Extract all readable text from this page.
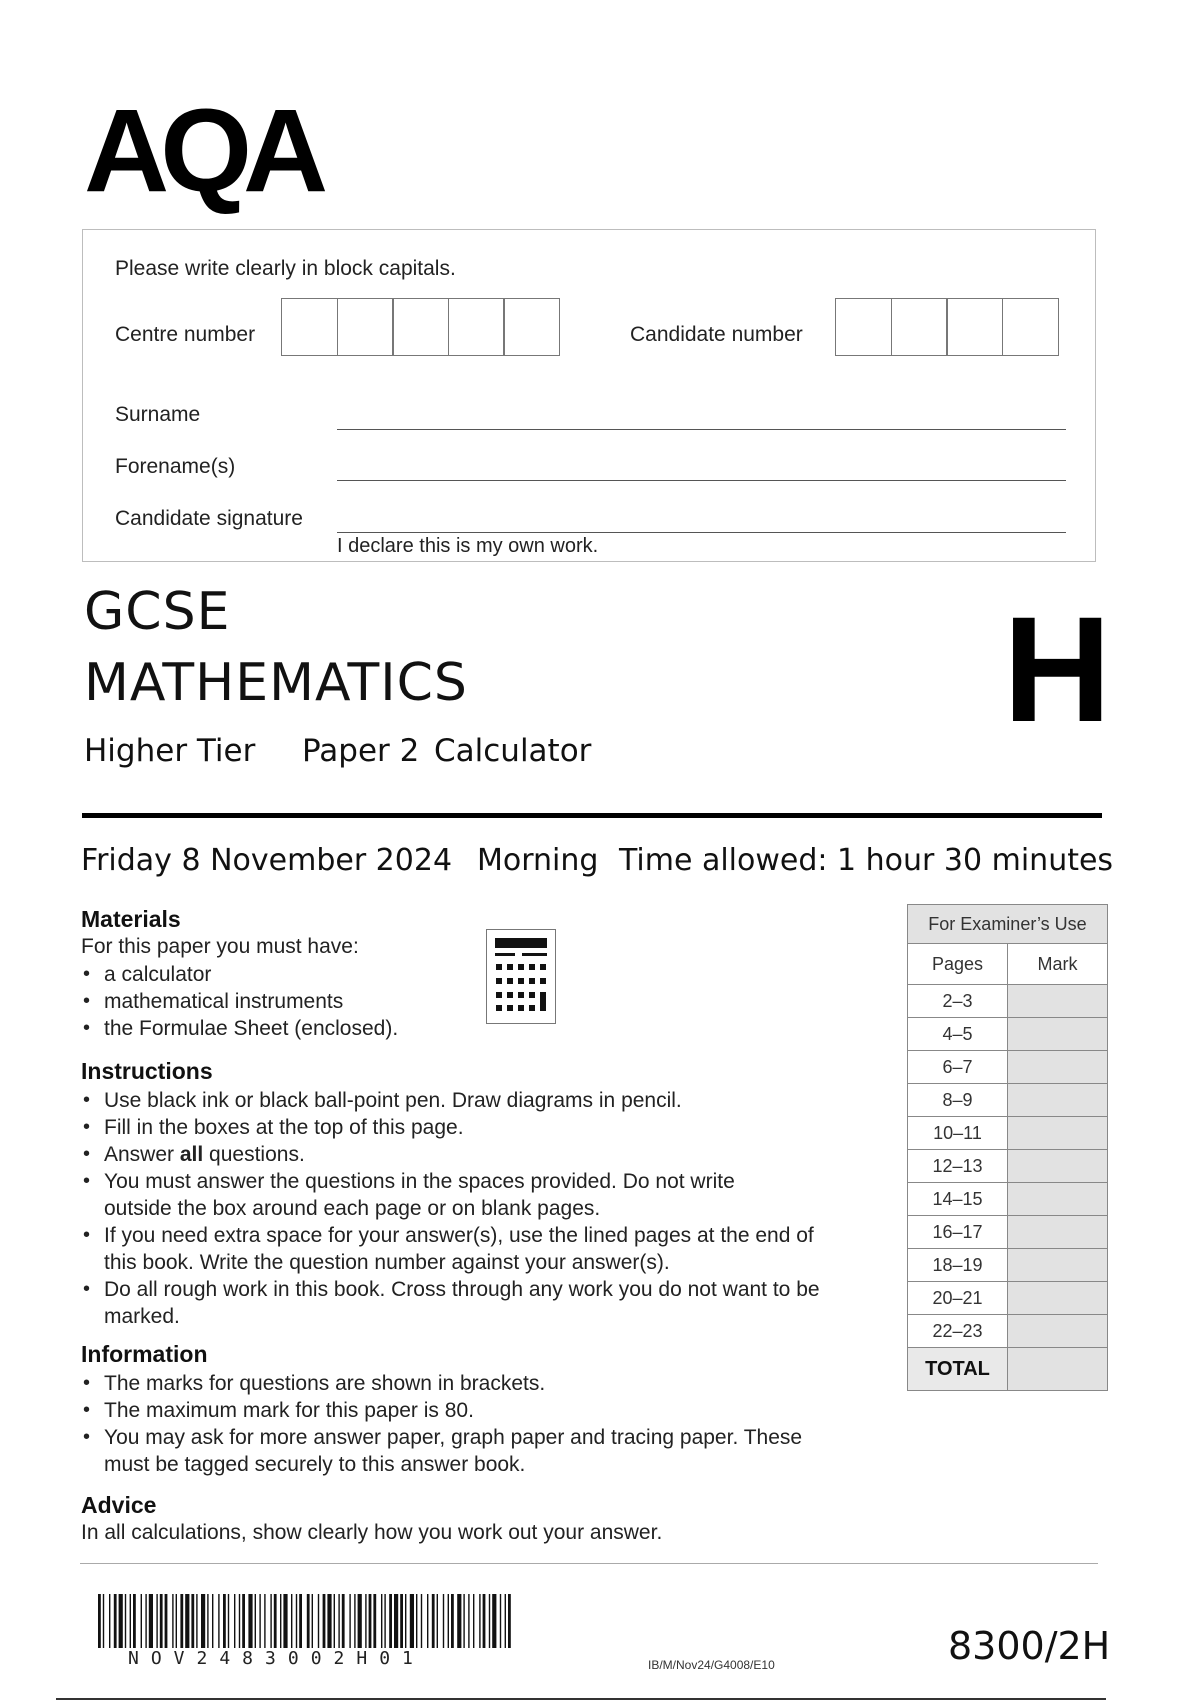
AQA
Please write clearly in block capitals.
Centre number	Candidate number
Surname
Forename(s)
Candidate signature
I declare this is my own work.
GCSE
MATHEMATICS	H
Higher Tier Paper 2 Calculator
Friday 8 November 2024 Morning Time allowed: 1 hour 30 minutes
Materials
For this paper you must have:
• a calculator
• mathematical instruments
• the Formulae Sheet (enclosed).
Instructions
• Use black ink or black ball-point pen. Draw diagrams in pencil.
• Fill in the boxes at the top of this page.
• Answer all questions.
• You must answer the questions in the spaces provided. Do not write outside the box around each page or on blank pages.
• If you need extra space for your answer(s), use the lined pages at the end of this book. Write the question number against your answer(s).
• Do all rough work in this book. Cross through any work you do not want to be marked.
Information
• The marks for questions are shown in brackets.
• The maximum mark for this paper is 80.
• You may ask for more answer paper, graph paper and tracing paper. These must be tagged securely to this answer book.
Advice
In all calculations, show clearly how you work out your answer.
For Examiner’s Use	
Pages	Mark
2–3	
4–5	
6–7	
8–9	
10–11	
12–13	
14–15	
16–17	
18–19	
20–21	
22–23	
TOTAL	
NOV2483002H01	IB/M/Nov24/G4008/E10	8300/2H
